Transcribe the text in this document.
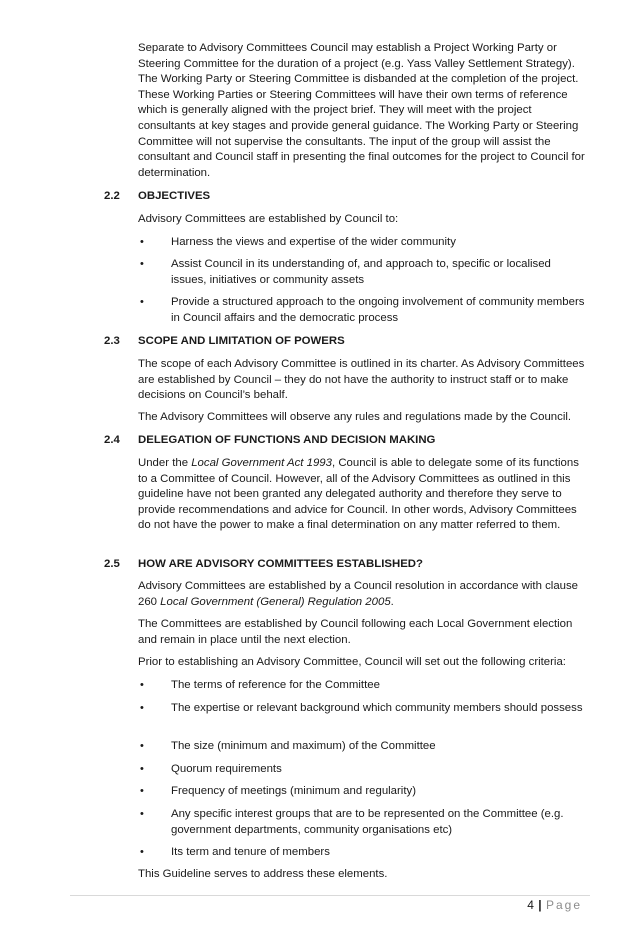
Separate to Advisory Committees Council may establish a Project Working Party or Steering Committee for the duration of a project (e.g. Yass Valley Settlement Strategy). The Working Party or Steering Committee is disbanded at the completion of the project. These Working Parties or Steering Committees will have their own terms of reference which is generally aligned with the project brief. They will meet with the project consultants at key stages and provide general guidance. The Working Party or Steering Committee will not supervise the consultants. The input of the group will assist the consultant and Council staff in presenting the final outcomes for the project to Council for determination.

2.2 OBJECTIVES

Advisory Committees are established by Council to:

• Harness the views and expertise of the wider community

• Assist Council in its understanding of, and approach to, specific or localised issues, initiatives or community assets

• Provide a structured approach to the ongoing involvement of community members in Council affairs and the democratic process

2.3 SCOPE AND LIMITATION OF POWERS

The scope of each Advisory Committee is outlined in its charter. As Advisory Committees are established by Council – they do not have the authority to instruct staff or to make decisions on Council’s behalf.

The Advisory Committees will observe any rules and regulations made by the Council.

2.4 DELEGATION OF FUNCTIONS AND DECISION MAKING

Under the Local Government Act 1993, Council is able to delegate some of its functions to a Committee of Council. However, all of the Advisory Committees as outlined in this guideline have not been granted any delegated authority and therefore they serve to provide recommendations and advice for Council. In other words, Advisory Committees do not have the power to make a final determination on any matter referred to them.

2.5 HOW ARE ADVISORY COMMITTEES ESTABLISHED?

Advisory Committees are established by a Council resolution in accordance with clause 260 Local Government (General) Regulation 2005.

The Committees are established by Council following each Local Government election and remain in place until the next election.

Prior to establishing an Advisory Committee, Council will set out the following criteria:

• The terms of reference for the Committee

• The expertise or relevant background which community members should possess

• The size (minimum and maximum) of the Committee

• Quorum requirements

• Frequency of meetings (minimum and regularity)

• Any specific interest groups that are to be represented on the Committee (e.g. government departments, community organisations etc)

• Its term and tenure of members

This Guideline serves to address these elements.

4 | Page
